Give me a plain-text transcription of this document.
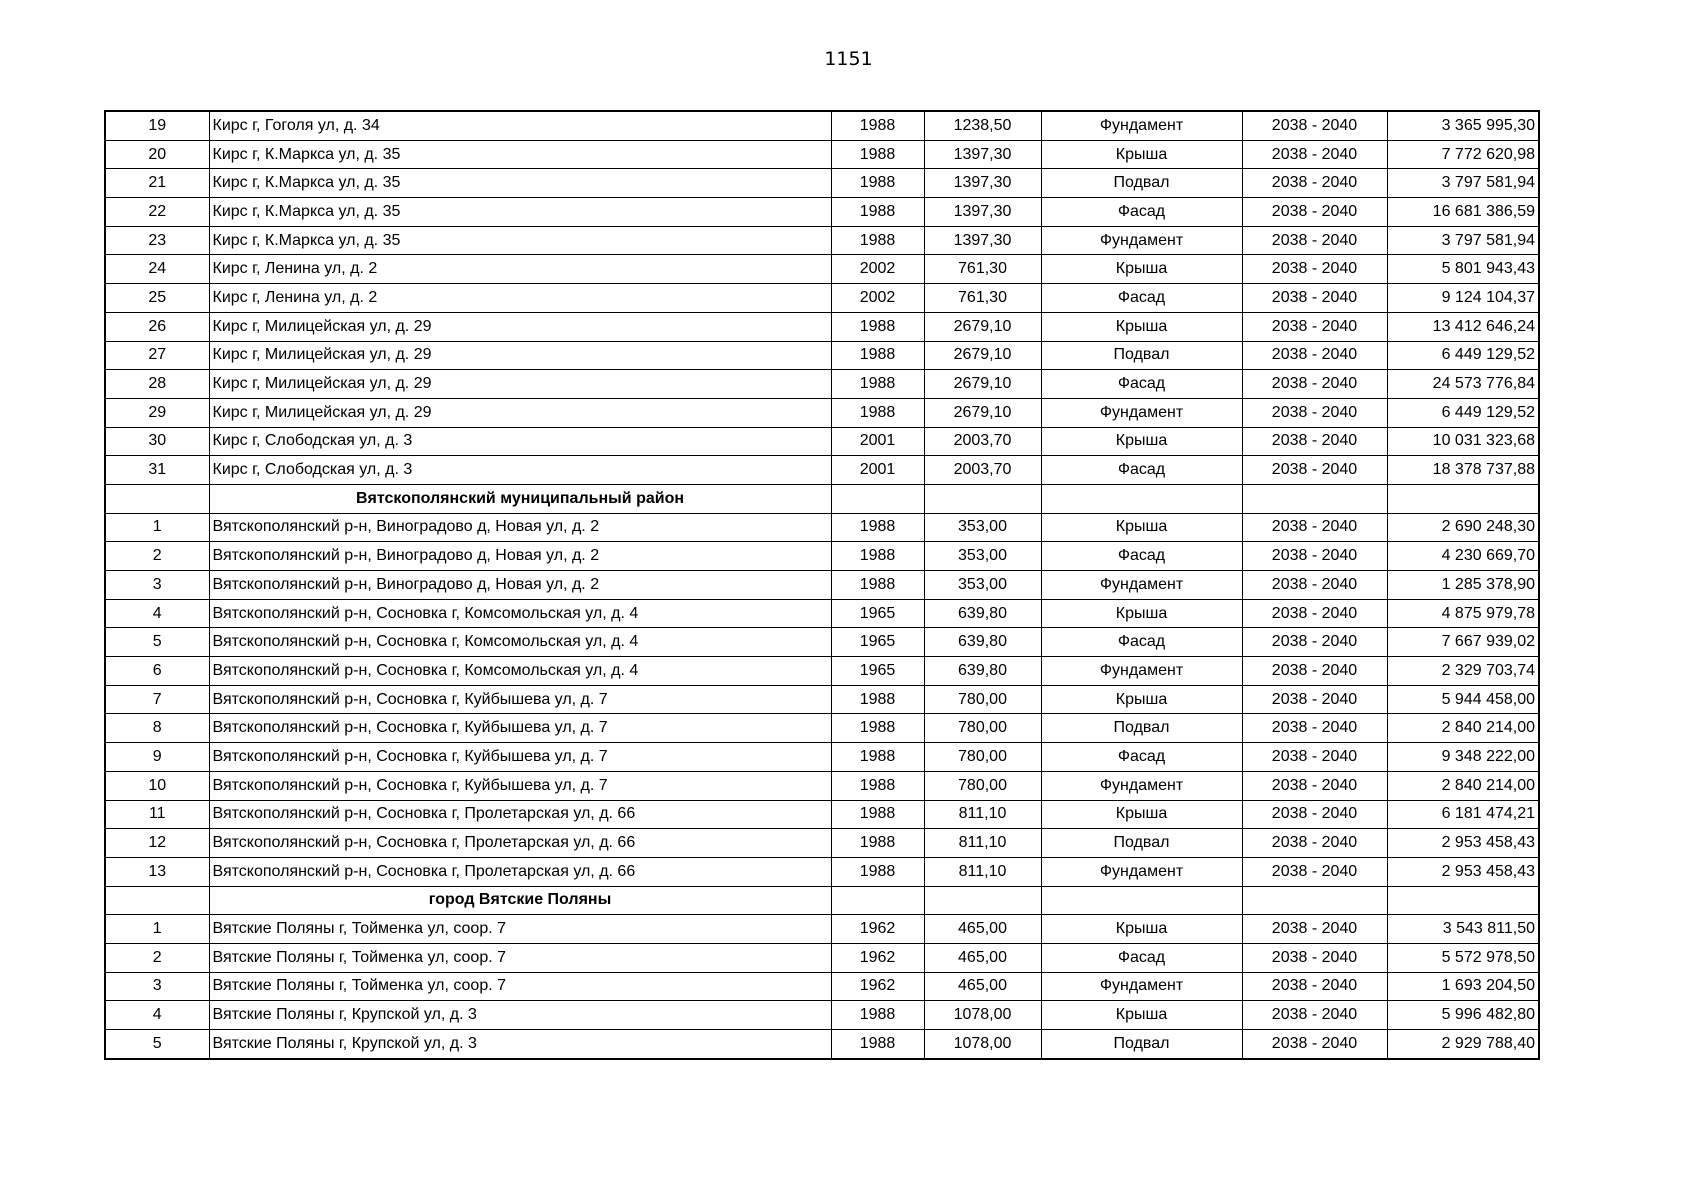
1151
19	Кирс г, Гоголя ул, д. 34	1988	1238,50	Фундамент	2038 - 2040	3 365 995,30
20	Кирс г, К.Маркса ул, д. 35	1988	1397,30	Крыша	2038 - 2040	7 772 620,98
21	Кирс г, К.Маркса ул, д. 35	1988	1397,30	Подвал	2038 - 2040	3 797 581,94
22	Кирс г, К.Маркса ул, д. 35	1988	1397,30	Фасад	2038 - 2040	16 681 386,59
23	Кирс г, К.Маркса ул, д. 35	1988	1397,30	Фундамент	2038 - 2040	3 797 581,94
24	Кирс г, Ленина ул, д. 2	2002	761,30	Крыша	2038 - 2040	5 801 943,43
25	Кирс г, Ленина ул, д. 2	2002	761,30	Фасад	2038 - 2040	9 124 104,37
26	Кирс г, Милицейская ул, д. 29	1988	2679,10	Крыша	2038 - 2040	13 412 646,24
27	Кирс г, Милицейская ул, д. 29	1988	2679,10	Подвал	2038 - 2040	6 449 129,52
28	Кирс г, Милицейская ул, д. 29	1988	2679,10	Фасад	2038 - 2040	24 573 776,84
29	Кирс г, Милицейская ул, д. 29	1988	2679,10	Фундамент	2038 - 2040	6 449 129,52
30	Кирс г, Слободская ул, д. 3	2001	2003,70	Крыша	2038 - 2040	10 031 323,68
31	Кирс г, Слободская ул, д. 3	2001	2003,70	Фасад	2038 - 2040	18 378 737,88
	Вятскополянский муниципальный район					
1	Вятскополянский р-н, Виноградово д, Новая ул, д. 2	1988	353,00	Крыша	2038 - 2040	2 690 248,30
2	Вятскополянский р-н, Виноградово д, Новая ул, д. 2	1988	353,00	Фасад	2038 - 2040	4 230 669,70
3	Вятскополянский р-н, Виноградово д, Новая ул, д. 2	1988	353,00	Фундамент	2038 - 2040	1 285 378,90
4	Вятскополянский р-н, Сосновка г, Комсомольская ул, д. 4	1965	639,80	Крыша	2038 - 2040	4 875 979,78
5	Вятскополянский р-н, Сосновка г, Комсомольская ул, д. 4	1965	639,80	Фасад	2038 - 2040	7 667 939,02
6	Вятскополянский р-н, Сосновка г, Комсомольская ул, д. 4	1965	639,80	Фундамент	2038 - 2040	2 329 703,74
7	Вятскополянский р-н, Сосновка г, Куйбышева ул, д. 7	1988	780,00	Крыша	2038 - 2040	5 944 458,00
8	Вятскополянский р-н, Сосновка г, Куйбышева ул, д. 7	1988	780,00	Подвал	2038 - 2040	2 840 214,00
9	Вятскополянский р-н, Сосновка г, Куйбышева ул, д. 7	1988	780,00	Фасад	2038 - 2040	9 348 222,00
10	Вятскополянский р-н, Сосновка г, Куйбышева ул, д. 7	1988	780,00	Фундамент	2038 - 2040	2 840 214,00
11	Вятскополянский р-н, Сосновка г, Пролетарская ул, д. 66	1988	811,10	Крыша	2038 - 2040	6 181 474,21
12	Вятскополянский р-н, Сосновка г, Пролетарская ул, д. 66	1988	811,10	Подвал	2038 - 2040	2 953 458,43
13	Вятскополянский р-н, Сосновка г, Пролетарская ул, д. 66	1988	811,10	Фундамент	2038 - 2040	2 953 458,43
	город Вятские Поляны					
1	Вятские Поляны г, Тойменка ул, соор. 7	1962	465,00	Крыша	2038 - 2040	3 543 811,50
2	Вятские Поляны г, Тойменка ул, соор. 7	1962	465,00	Фасад	2038 - 2040	5 572 978,50
3	Вятские Поляны г, Тойменка ул, соор. 7	1962	465,00	Фундамент	2038 - 2040	1 693 204,50
4	Вятские Поляны г, Крупской ул, д. 3	1988	1078,00	Крыша	2038 - 2040	5 996 482,80
5	Вятские Поляны г, Крупской ул, д. 3	1988	1078,00	Подвал	2038 - 2040	2 929 788,40
